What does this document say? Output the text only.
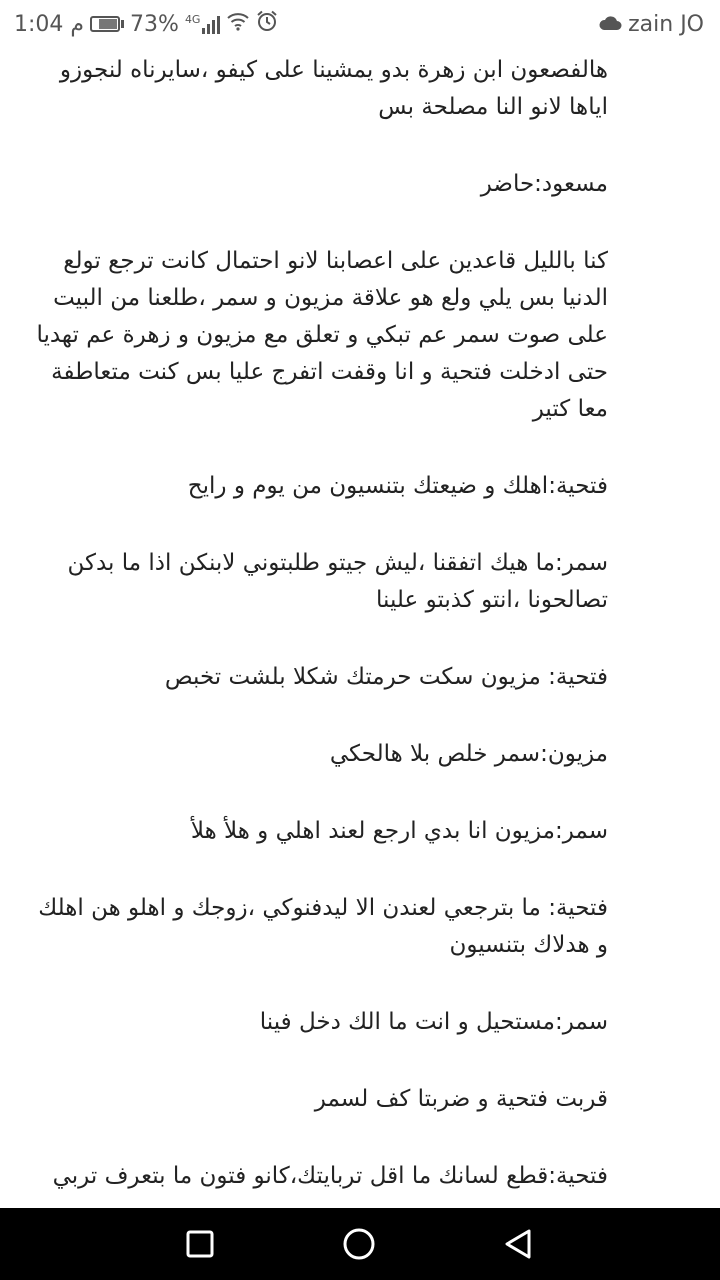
1:04 م 73% 4G	zain JO

هالفصعون ابن زهرة بدو يمشينا على كيفو ،سايرناه لنجوزو اياها لانو النا مصلحة بس

مسعود:حاضر

كنا بالليل قاعدين على اعصابنا لانو احتمال كانت ترجع تولع الدنيا بس يلي ولع هو علاقة مزيون و سمر ،طلعنا من البيت على صوت سمر عم تبكي و تعلق مع مزيون و زهرة عم تهديا حتى ادخلت فتحية و انا وقفت اتفرج عليا بس كنت متعاطفة معا كتير

فتحية:اهلك و ضيعتك بتنسيون من يوم و رايح

سمر:ما هيك اتفقنا ،ليش جيتو طلبتوني لابنكن اذا ما بدكن تصالحونا ،انتو كذبتو علينا

فتحية: مزيون سكت حرمتك شكلا بلشت تخبص

مزيون:سمر خلص بلا هالحكي

سمر:مزيون انا بدي ارجع لعند اهلي و هلأ هلأ

فتحية: ما بترجعي لعندن الا ليدفنوكي ،زوجك و اهلو هن اهلك و هدلاك بتنسيون

سمر:مستحيل و انت ما الك دخل فينا

قربت فتحية و ضربتا كف لسمر

فتحية:قطع لسانك ما اقل تربايتك،كانو فتون ما بتعرف تربي
